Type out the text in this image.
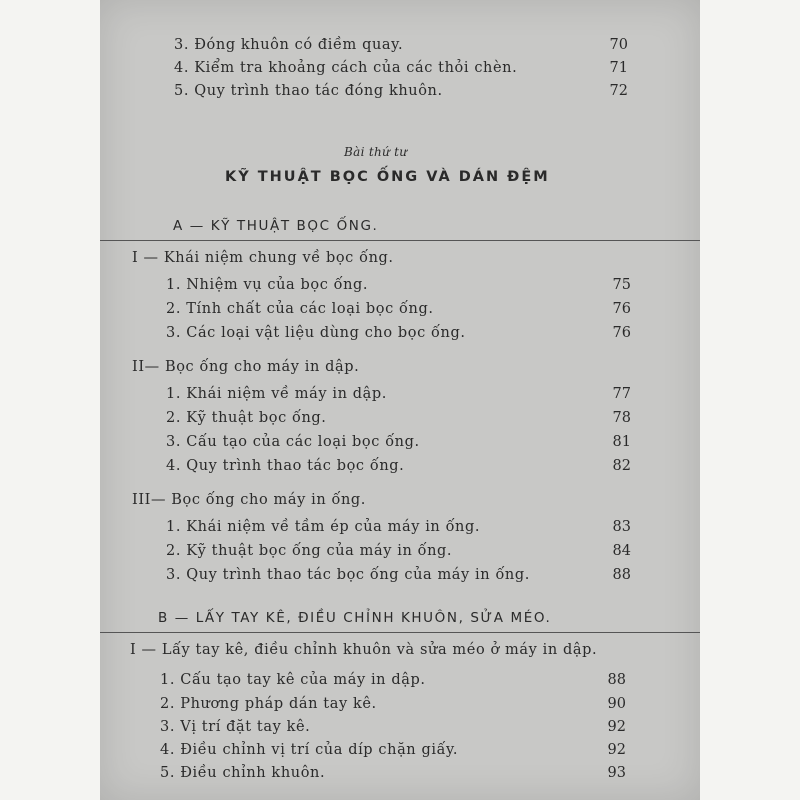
3. Đóng khuôn có điềm quay.	70
4. Kiểm tra khoảng cách của các thỏi chèn.	71
5. Quy trình thao tác đóng khuôn.	72
Bài thứ tư
KỸ THUẬT BỌC ỐNG VÀ DÁN ĐỆM
A — KỸ THUẬT BỌC ỐNG.
I — Khái niệm chung về bọc ống.
1. Nhiệm vụ của bọc ống.	75
2. Tính chất của các loại bọc ống.	76
3. Các loại vật liệu dùng cho bọc ống.	76
II— Bọc ống cho máy in dập.
1. Khái niệm về máy in dập.	77
2. Kỹ thuật bọc ống.	78
3. Cấu tạo của các loại bọc ống.	81
4. Quy trình thao tác bọc ống.	82
III— Bọc ống cho máy in ống.
1. Khái niệm về tầm ép của máy in ống.	83
2. Kỹ thuật bọc ống của máy in ống.	84
3. Quy trình thao tác bọc ống của máy in ống.	88
B — LẤY TAY KÊ, ĐIỀU CHỈNH KHUÔN, SỬA MÉO.
I — Lấy tay kê, điều chỉnh khuôn và sửa méo ở máy in dập.
1. Cấu tạo tay kê của máy in dập.	88
2. Phương pháp dán tay kê.	90
3. Vị trí đặt tay kê.	92
4. Điều chỉnh vị trí của díp chặn giấy.	92
5. Điều chỉnh khuôn.	93
